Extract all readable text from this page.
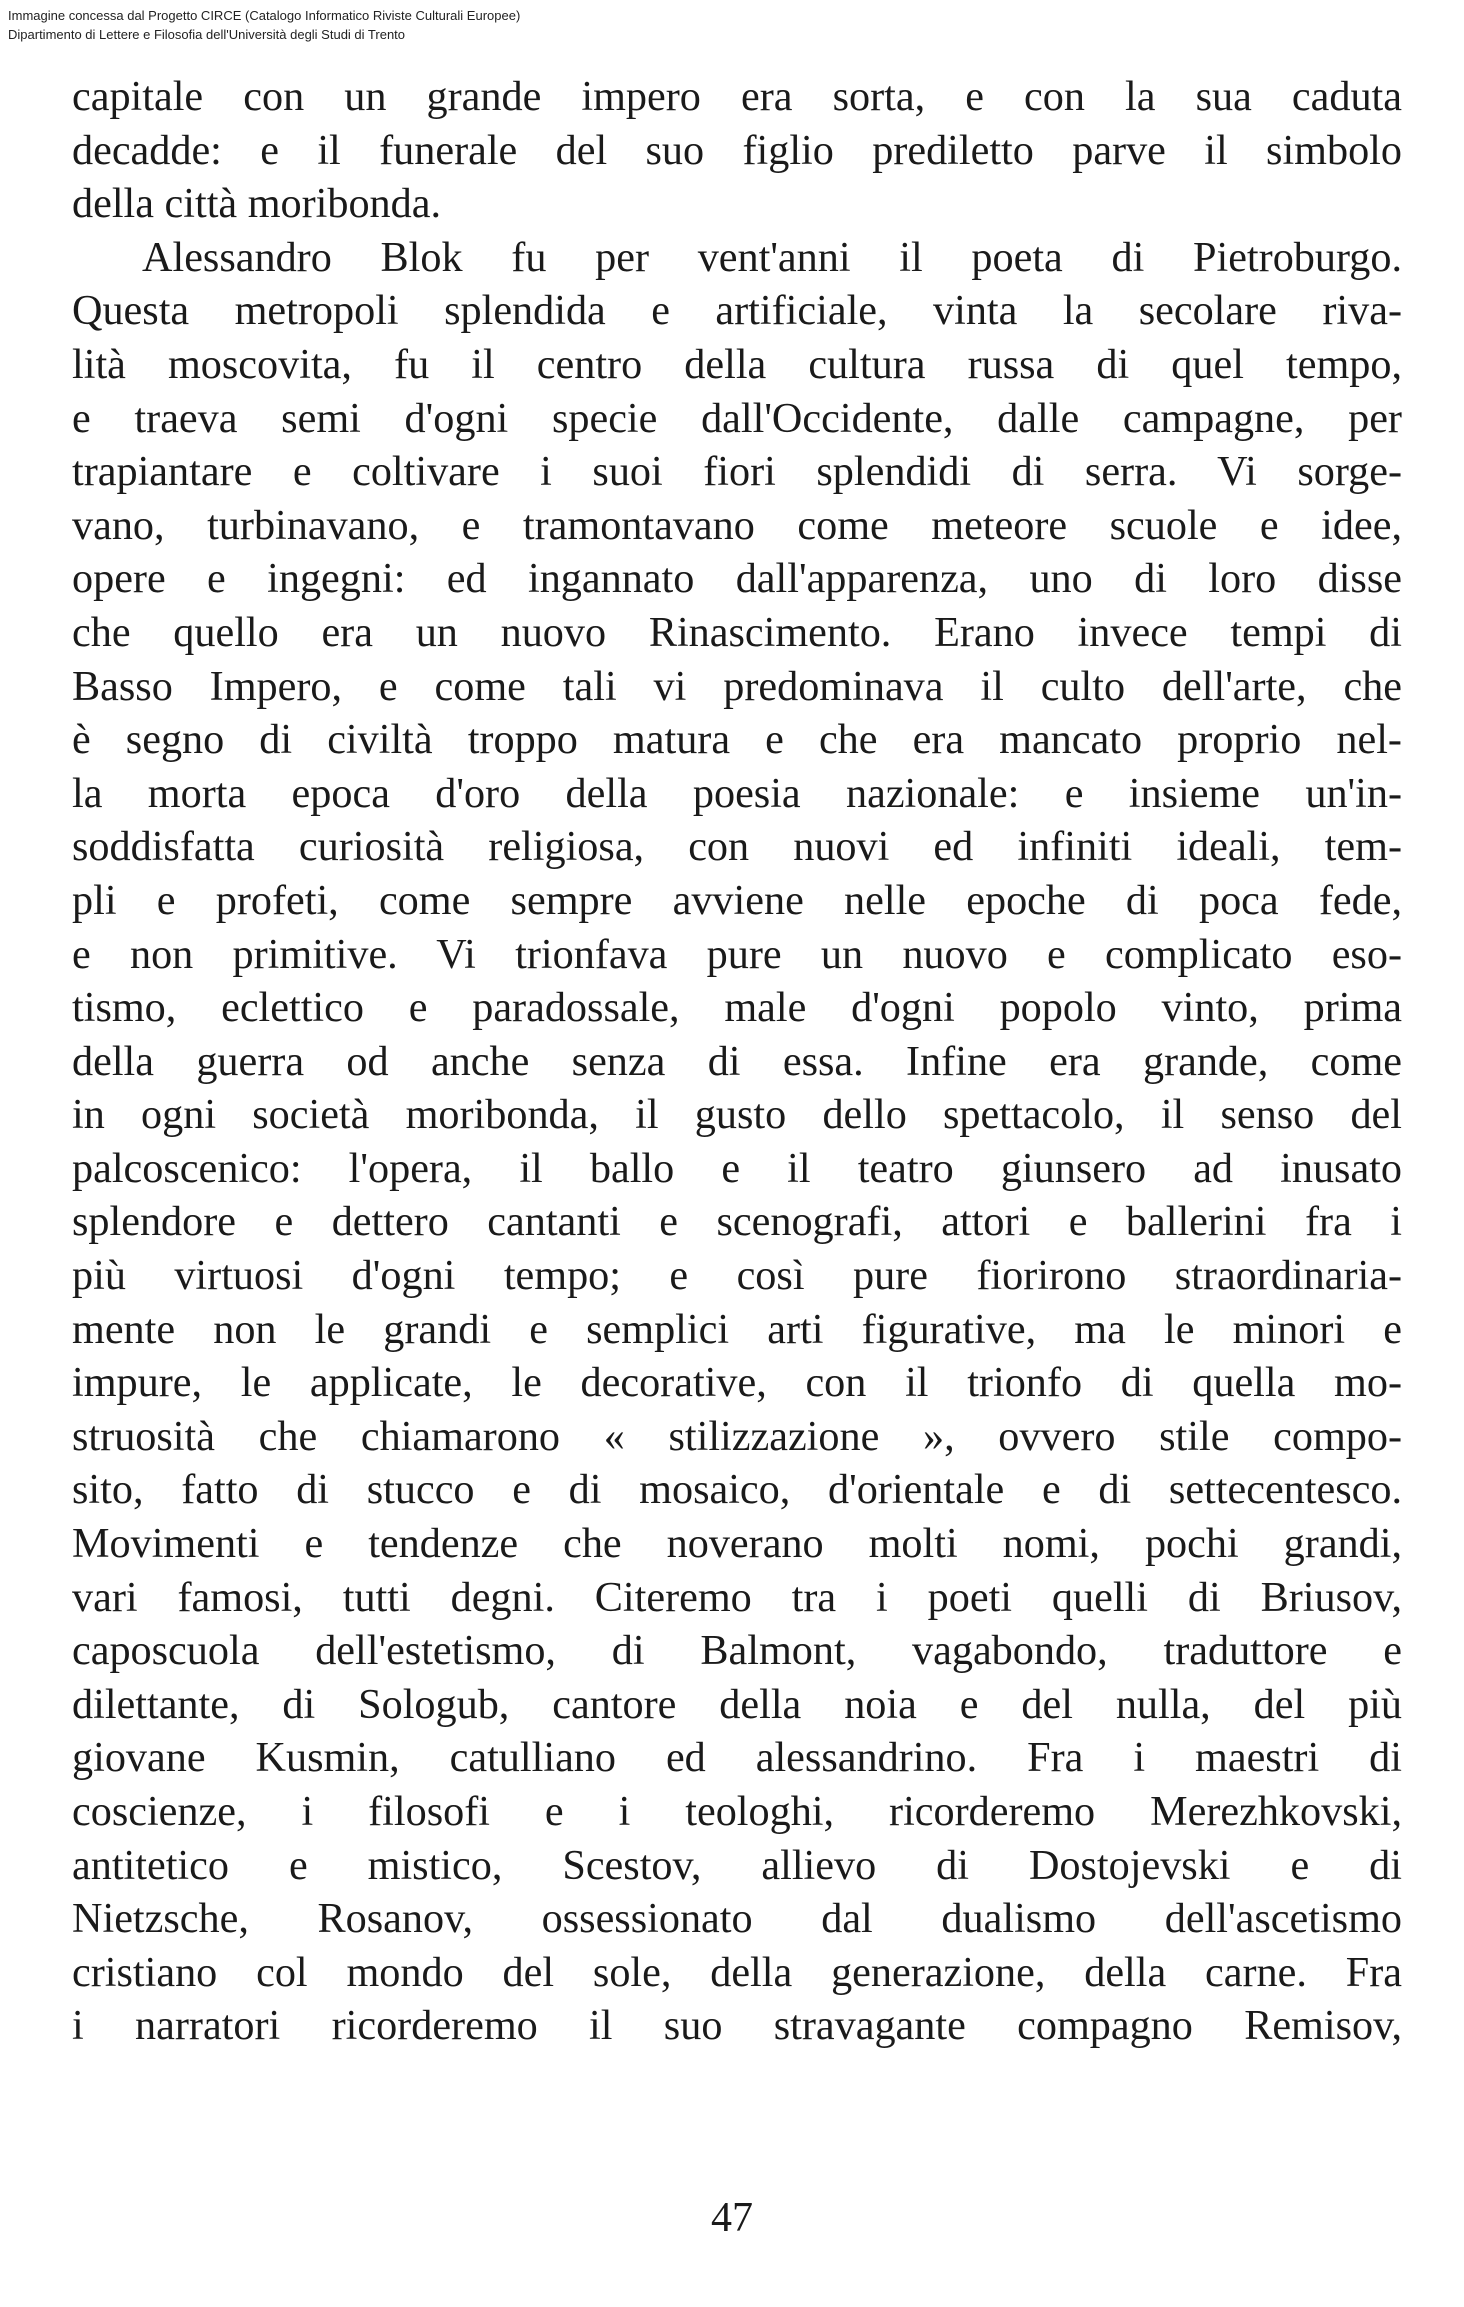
Immagine concessa dal Progetto CIRCE (Catalogo Informatico Riviste Culturali Europee)
Dipartimento di Lettere e Filosofia dell'Università degli Studi di Trento
capitale con un grande impero era sorta, e con la sua caduta
decadde: e il funerale del suo figlio prediletto parve il simbolo
della città moribonda.
Alessandro Blok fu per vent'anni il poeta di Pietroburgo.
Questa metropoli splendida e artificiale, vinta la secolare riva-
lità moscovita, fu il centro della cultura russa di quel tempo,
e traeva semi d'ogni specie dall'Occidente, dalle campagne, per
trapiantare e coltivare i suoi fiori splendidi di serra. Vi sorge-
vano, turbinavano, e tramontavano come meteore scuole e idee,
opere e ingegni: ed ingannato dall'apparenza, uno di loro disse
che quello era un nuovo Rinascimento. Erano invece tempi di
Basso Impero, e come tali vi predominava il culto dell'arte, che
è segno di civiltà troppo matura e che era mancato proprio nel-
la morta epoca d'oro della poesia nazionale: e insieme un'in-
soddisfatta curiosità religiosa, con nuovi ed infiniti ideali, tem-
pli e profeti, come sempre avviene nelle epoche di poca fede,
e non primitive. Vi trionfava pure un nuovo e complicato eso-
tismo, eclettico e paradossale, male d'ogni popolo vinto, prima
della guerra od anche senza di essa. Infine era grande, come
in ogni società moribonda, il gusto dello spettacolo, il senso del
palcoscenico: l'opera, il ballo e il teatro giunsero ad inusato
splendore e dettero cantanti e scenografi, attori e ballerini fra i
più virtuosi d'ogni tempo; e così pure fiorirono straordinaria-
mente non le grandi e semplici arti figurative, ma le minori e
impure, le applicate, le decorative, con il trionfo di quella mo-
struosità che chiamarono « stilizzazione », ovvero stile compo-
sito, fatto di stucco e di mosaico, d'orientale e di settecentesco.
Movimenti e tendenze che noverano molti nomi, pochi grandi,
vari famosi, tutti degni. Citeremo tra i poeti quelli di Briusov,
caposcuola dell'estetismo, di Balmont, vagabondo, traduttore e
dilettante, di Sologub, cantore della noia e del nulla, del più
giovane Kusmin, catulliano ed alessandrino. Fra i maestri di
coscienze, i filosofi e i teologhi, ricorderemo Merezhkovski,
antitetico e mistico, Scestov, allievo di Dostojevski e di
Nietzsche, Rosanov, ossessionato dal dualismo dell'ascetismo
cristiano col mondo del sole, della generazione, della carne. Fra
i narratori ricorderemo il suo stravagante compagno Remisov,
47
